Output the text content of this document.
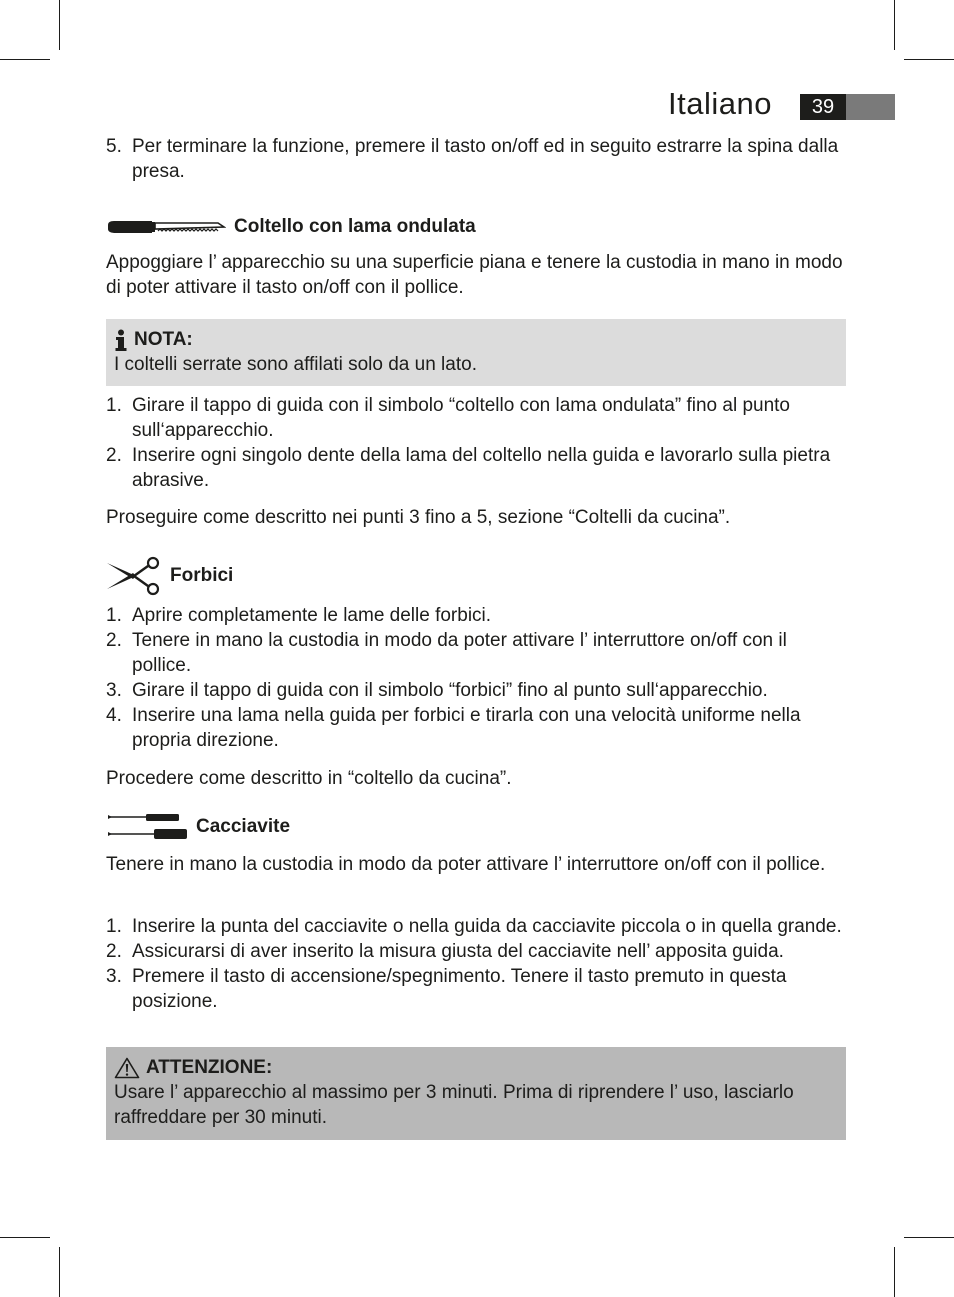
Italiano	39
5. Per terminare la funzione, premere il tasto on/off ed in seguito estrarre la spina dalla presa.
Coltello con lama ondulata

Appoggiare l’ apparecchio su una superficie piana e tenere la custodia in mano in modo di poter attivare il tasto on/off con il pollice.

NOTA:
I coltelli serrate sono affilati solo da un lato.
1. Girare il tappo di guida con il simbolo “coltello con lama ondulata” fino al punto sull‘apparecchio.
2. Inserire ogni singolo dente della lama del coltello nella guida e lavorarlo sulla pietra abrasive.

Proseguire come descritto nei punti 3 fino a 5, sezione “Coltelli da cucina”.

Forbici
1. Aprire completamente le lame delle forbici.
2. Tenere in mano la custodia in modo da poter attivare l’ interruttore on/off con il pollice.
3. Girare il tappo di guida con il simbolo “forbici” fino al punto sull‘apparecchio.
4. Inserire una lama nella guida per forbici e tirarla con una velocità uniforme nella propria direzione.

Procedere come descritto in “coltello da cucina”.

Cacciavite

Tenere in mano la custodia in modo da poter attivare l’ interruttore on/off con il pollice.

1. Inserire la punta del cacciavite o nella guida da cacciavite piccola o in quella grande.
2. Assicurarsi di aver inserito la misura giusta del cacciavite nell’ apposita guida.
3. Premere il tasto di accensione/spegnimento. Tenere il tasto premuto in questa posizione.
ATTENZIONE:
Usare l’ apparecchio al massimo per 3 minuti. Prima di riprendere l’ uso, lasciarlo raffreddare per 30 minuti.
